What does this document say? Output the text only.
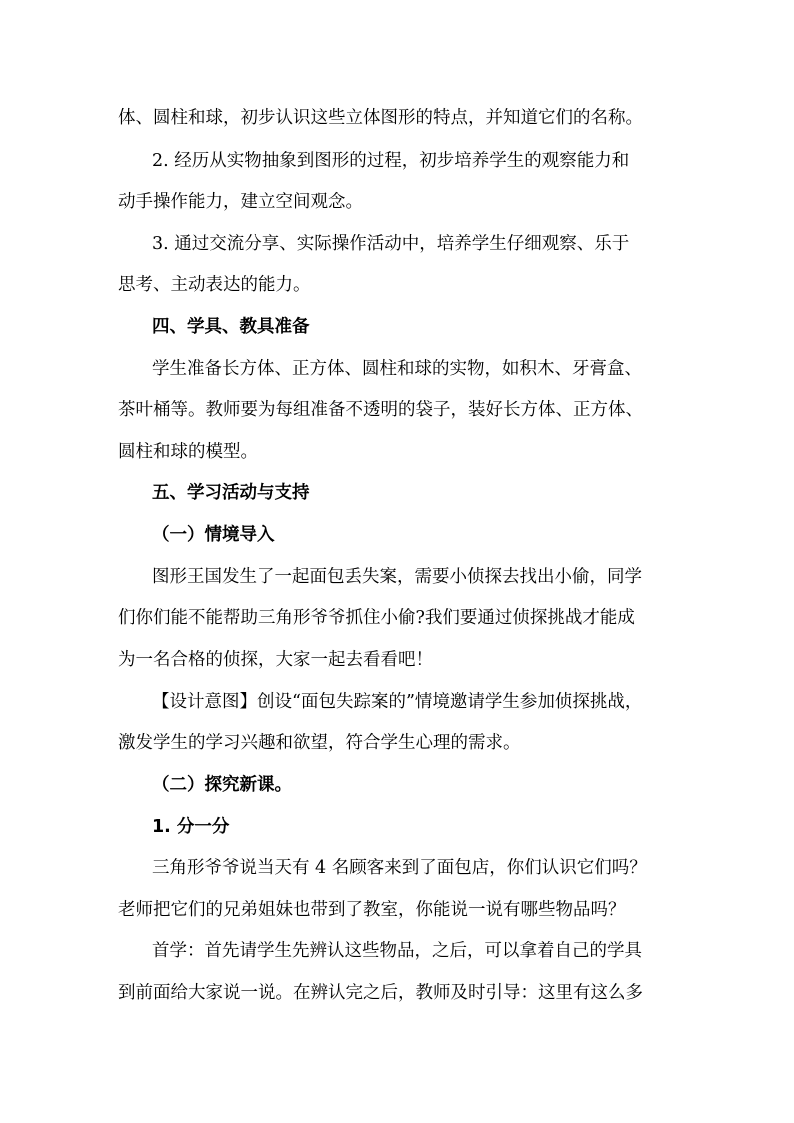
体、圆柱和球，初步认识这些立体图形的特点，并知道它们的名称。
2. 经历从实物抽象到图形的过程，初步培养学生的观察能力和
动手操作能力，建立空间观念。
3. 通过交流分享、实际操作活动中，培养学生仔细观察、乐于
思考、主动表达的能力。
四、学具、教具准备
学生准备长方体、正方体、圆柱和球的实物，如积木、牙膏盒、
茶叶桶等。教师要为每组准备不透明的袋子，装好长方体、正方体、
圆柱和球的模型。
五、学习活动与支持
（一）情境导入
图形王国发生了一起面包丢失案，需要小侦探去找出小偷，同学
们你们能不能帮助三角形爷爷抓住小偷?我们要通过侦探挑战才能成
为一名合格的侦探，大家一起去看看吧！
【设计意图】创设“面包失踪案的”情境邀请学生参加侦探挑战，
激发学生的学习兴趣和欲望，符合学生心理的需求。
（二）探究新课。
1. 分一分
三角形爷爷说当天有 4 名顾客来到了面包店，你们认识它们吗？
老师把它们的兄弟姐妹也带到了教室，你能说一说有哪些物品吗？
首学：首先请学生先辨认这些物品，之后，可以拿着自己的学具
到前面给大家说一说。在辨认完之后，教师及时引导：这里有这么多
